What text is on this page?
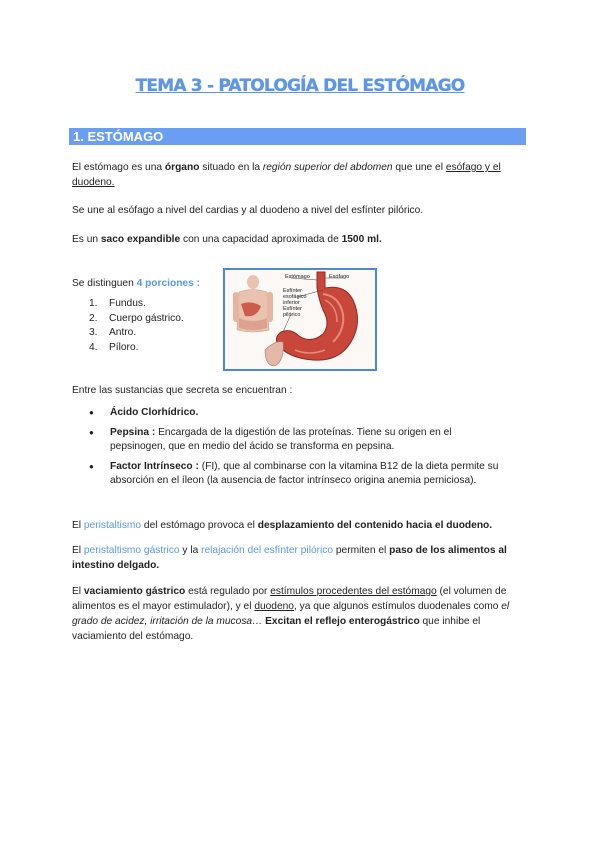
TEMA 3 - PATOLOGÍA DEL ESTÓMAGO
1. ESTÓMAGO
El estómago es una órgano situado en la región superior del abdomen que une el esófago y el duodeno.
Se une al esófago a nivel del cardias y al duodeno a nivel del esfínter pilórico.
Es un saco expandible con una capacidad aproximada de 1500 ml.
Se distinguen 4 porciones :
1. Fundus.
2. Cuerpo gástrico.
3. Antro.
4. Píloro.
Estómago	Esófago
Esfínter esofágico inferior
Esfínter pilórico
Entre las sustancias que secreta se encuentran :
● Ácido Clorhídrico.
● Pepsina : Encargada de la digestión de las proteínas. Tiene su origen en el pepsinogen, que en medio del ácido se transforma en pepsina.
● Factor Intrínseco : (FI), que al combinarse con la vitamina B12 de la dieta permite su absorción en el íleon (la ausencia de factor intrínseco origina anemia perniciosa).
El peristaltismo del estómago provoca el desplazamiento del contenido hacia el duodeno.
El peristaltismo gástrico y la relajación del esfínter pilórico permiten el paso de los alimentos al intestino delgado.
El vaciamiento gástrico está regulado por estímulos procedentes del estómago (el volumen de alimentos es el mayor estimulador), y el duodeno, ya que algunos estímulos duodenales como el grado de acidez, irritación de la mucosa… Excitan el reflejo enterogástrico que inhibe el vaciamiento del estómago.
